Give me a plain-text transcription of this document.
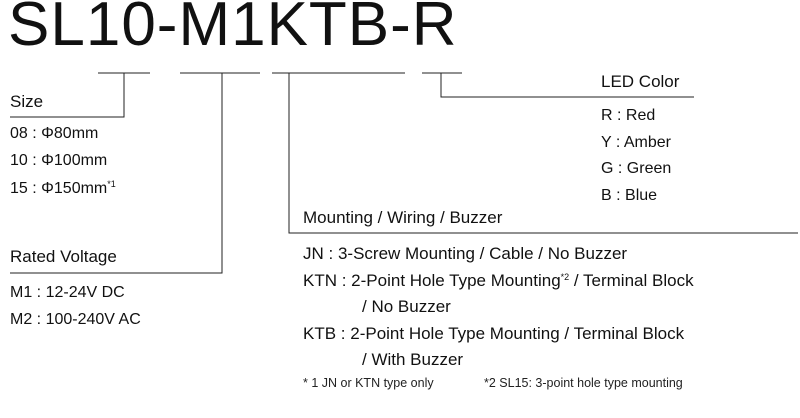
SL10-M1KTB-R
Size
08 : Φ80mm
10 : Φ100mm
15 : $\Phi 150mm^{*1}$
Rated Voltage
M1 : 12-24V DC
M2 : 100-240V AC
Mounting / Wiring / Buzzer
JN : 3-Screw Mounting / Cable / No Buzzer
KTN : 2-Point Hole Type Mounting$^{*2}$ / Terminal Block
/ No Buzzer
KTB : 2-Point Hole Type Mounting / Terminal Block
/ With Buzzer
LED Color
R : Red
Y : Amber
G : Green
B : Blue
* 1 JN or KTN type only	*2 SL15: 3-point hole type mounting
